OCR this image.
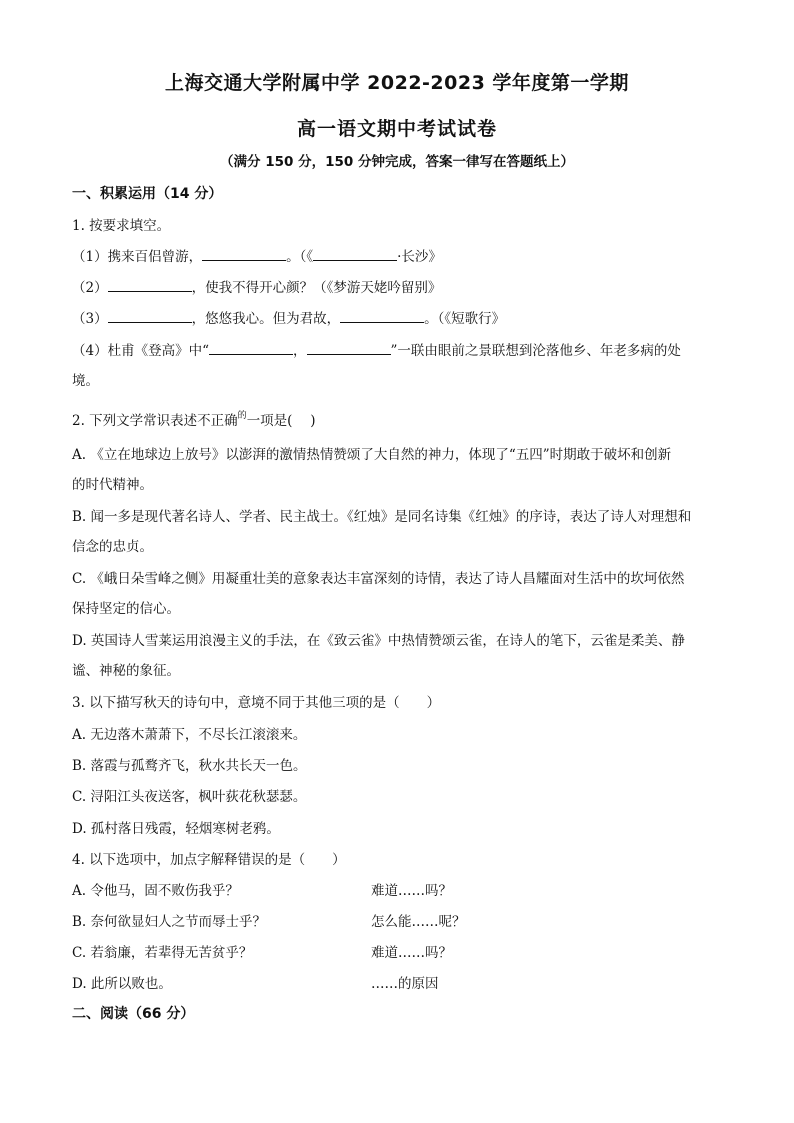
上海交通大学附属中学 2022-2023 学年度第一学期
高一语文期中考试试卷
（满分 150 分，150 分钟完成，答案一律写在答题纸上）
一、积累运用（14 分）
1. 按要求填空。
（1）携来百侣曾游，	。（《	·长沙》
（2）	，使我不得开心颜？（《梦游天姥吟留别》
（3）	，悠悠我心。但为君故，	。（《短歌行》
（4）杜甫《登高》中“	，	”一联由眼前之景联想到沦落他乡、年老多病的处
境。
2. 下列文学常识表述不正确$^的$一项是(　 )
A. 《立在地球边上放号》以澎湃的激情热情赞颂了大自然的神力，体现了“五四”时期敢于破坏和创新
的时代精神。
B. 闻一多是现代著名诗人、学者、民主战士。《红烛》是同名诗集《红烛》的序诗，表达了诗人对理想和
信念的忠贞。
C. 《峨日朵雪峰之侧》用凝重壮美的意象表达丰富深刻的诗情，表达了诗人昌耀面对生活中的坎坷依然
保持坚定的信心。
D. 英国诗人雪莱运用浪漫主义的手法，在《致云雀》中热情赞颂云雀，在诗人的笔下，云雀是柔美、静
谧、神秘的象征。
3. 以下描写秋天的诗句中，意境不同于其他三项的是（　　）
A. 无边落木萧萧下，不尽长江滚滚来。
B. 落霞与孤鹜齐飞，秋水共长天一色。
C. 浔阳江头夜送客，枫叶荻花秋瑟瑟。
D. 孤村落日残霞，轻烟寒树老鸦。
4. 以下选项中，加点字解释错误的是（　　）
A. 令他马，固不败伤我乎？	难道……吗？
B. 奈何欲显妇人之节而辱士乎？	怎么能……呢？
C. 若翁廉，若辈得无苦贫乎？	难道……吗？
D. 此所以败也。	……的原因
二、阅读（66 分）
